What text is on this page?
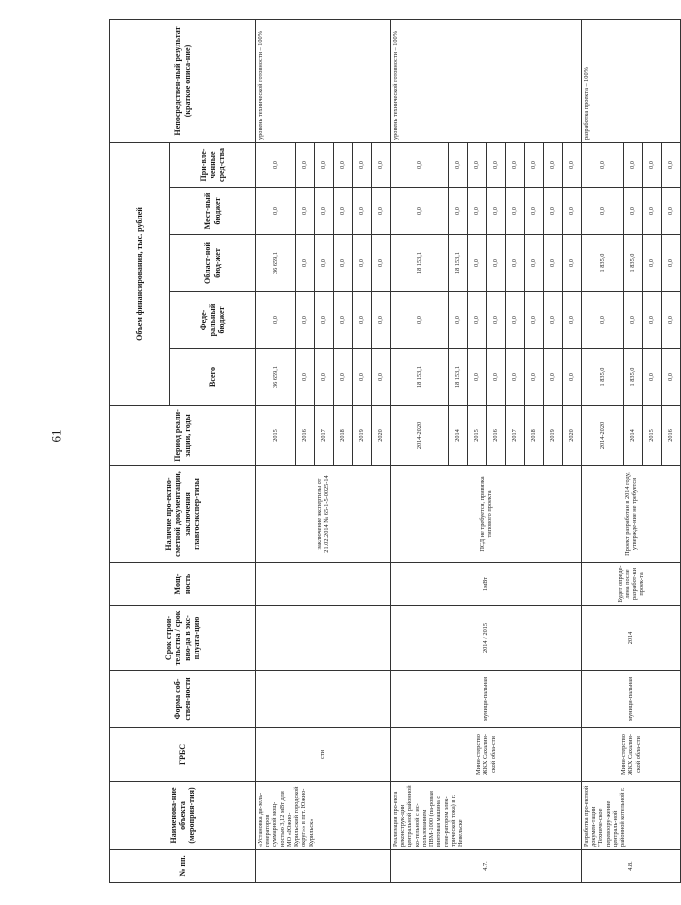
61
№ пп.	Наименова-ние объекта (мероприя-тия)	ГРБС	Форма соб-ствен-ности	Срок строи-тельства / срок вво-да в экс-плуата-цию	Мощ-ность	Наличие про-ектно-сметной документации, заключения главгосэкспер-тизы	Период реали-зации, годы	Объем финансирования, тыс. рублей					Непосредствен-ный результат (краткое описа-ние)
								Всего	Феде-ральный бюджет	Област-ной бюд-жет	Мест-ный бюджет	При-вле-ченные сред-ства	
	«Установка ди-зель-генераторов суммарной мощ-ностью 3,12 мВт для МО «Южно-Курильский городской округ»» в пгт. Южно-Курильск»	сти				заключение экспертизы от 21.02.2014 № 65-1-5-0025-14	2015	36 659,1	0,0	36 659,1	0,0	0,0	уровень технической готовности – 100%
							2016	0,0	0,0	0,0	0,0	0,0	
							2017	0,0	0,0	0,0	0,0	0,0	
							2018	0,0	0,0	0,0	0,0	0,0	
							2019	0,0	0,0	0,0	0,0	0,0	
							2020	0,0	0,0	0,0	0,0	0,0	
4.7.	Реализация про-екта реконструк-ции центральной районной ко-тельной с ис-пользованием ПВМ-1000 (па-ровая винтовая машина с гене-ратором элек-трической тока) в г. Невельске	Мини-стерство ЖКХ Сахалин-ской обла-сти	муници-пальная	2014 / 2015	1мВт	ПСД не требуется, привязка типового проекта	2014-2020	18 153,1	0,0	18 153,1	0,0	0,0	уровень технической готовности – 100%
							2014	18 153,1	0,0	18 153,1	0,0	0,0	
							2015	0,0	0,0	0,0	0,0	0,0	
							2016	0,0	0,0	0,0	0,0	0,0	
							2017	0,0	0,0	0,0	0,0	0,0	
							2018	0,0	0,0	0,0	0,0	0,0	
							2019	0,0	0,0	0,0	0,0	0,0	
							2020	0,0	0,0	0,0	0,0	0,0	
4.8.	Разработка про-ектной докумен-тации "Техниче-ское перевоору-жение централь-ной районной котельной г.	Мини-стерство ЖКХ Сахалин-ской обла-сти	муници-пальная	2014	Будет опреде-лена после разработ-ки проек-та	Проект разработан в 2014 году, утвержде-ние не требуется	2014-2020	1 835,0	0,0	1 835,0	0,0	0,0	разработка проекта – 100%
							2014	1 835,0	0,0	1 835,0	0,0	0,0	
							2015	0,0	0,0	0,0	0,0	0,0	
							2016	0,0	0,0	0,0	0,0	0,0	
